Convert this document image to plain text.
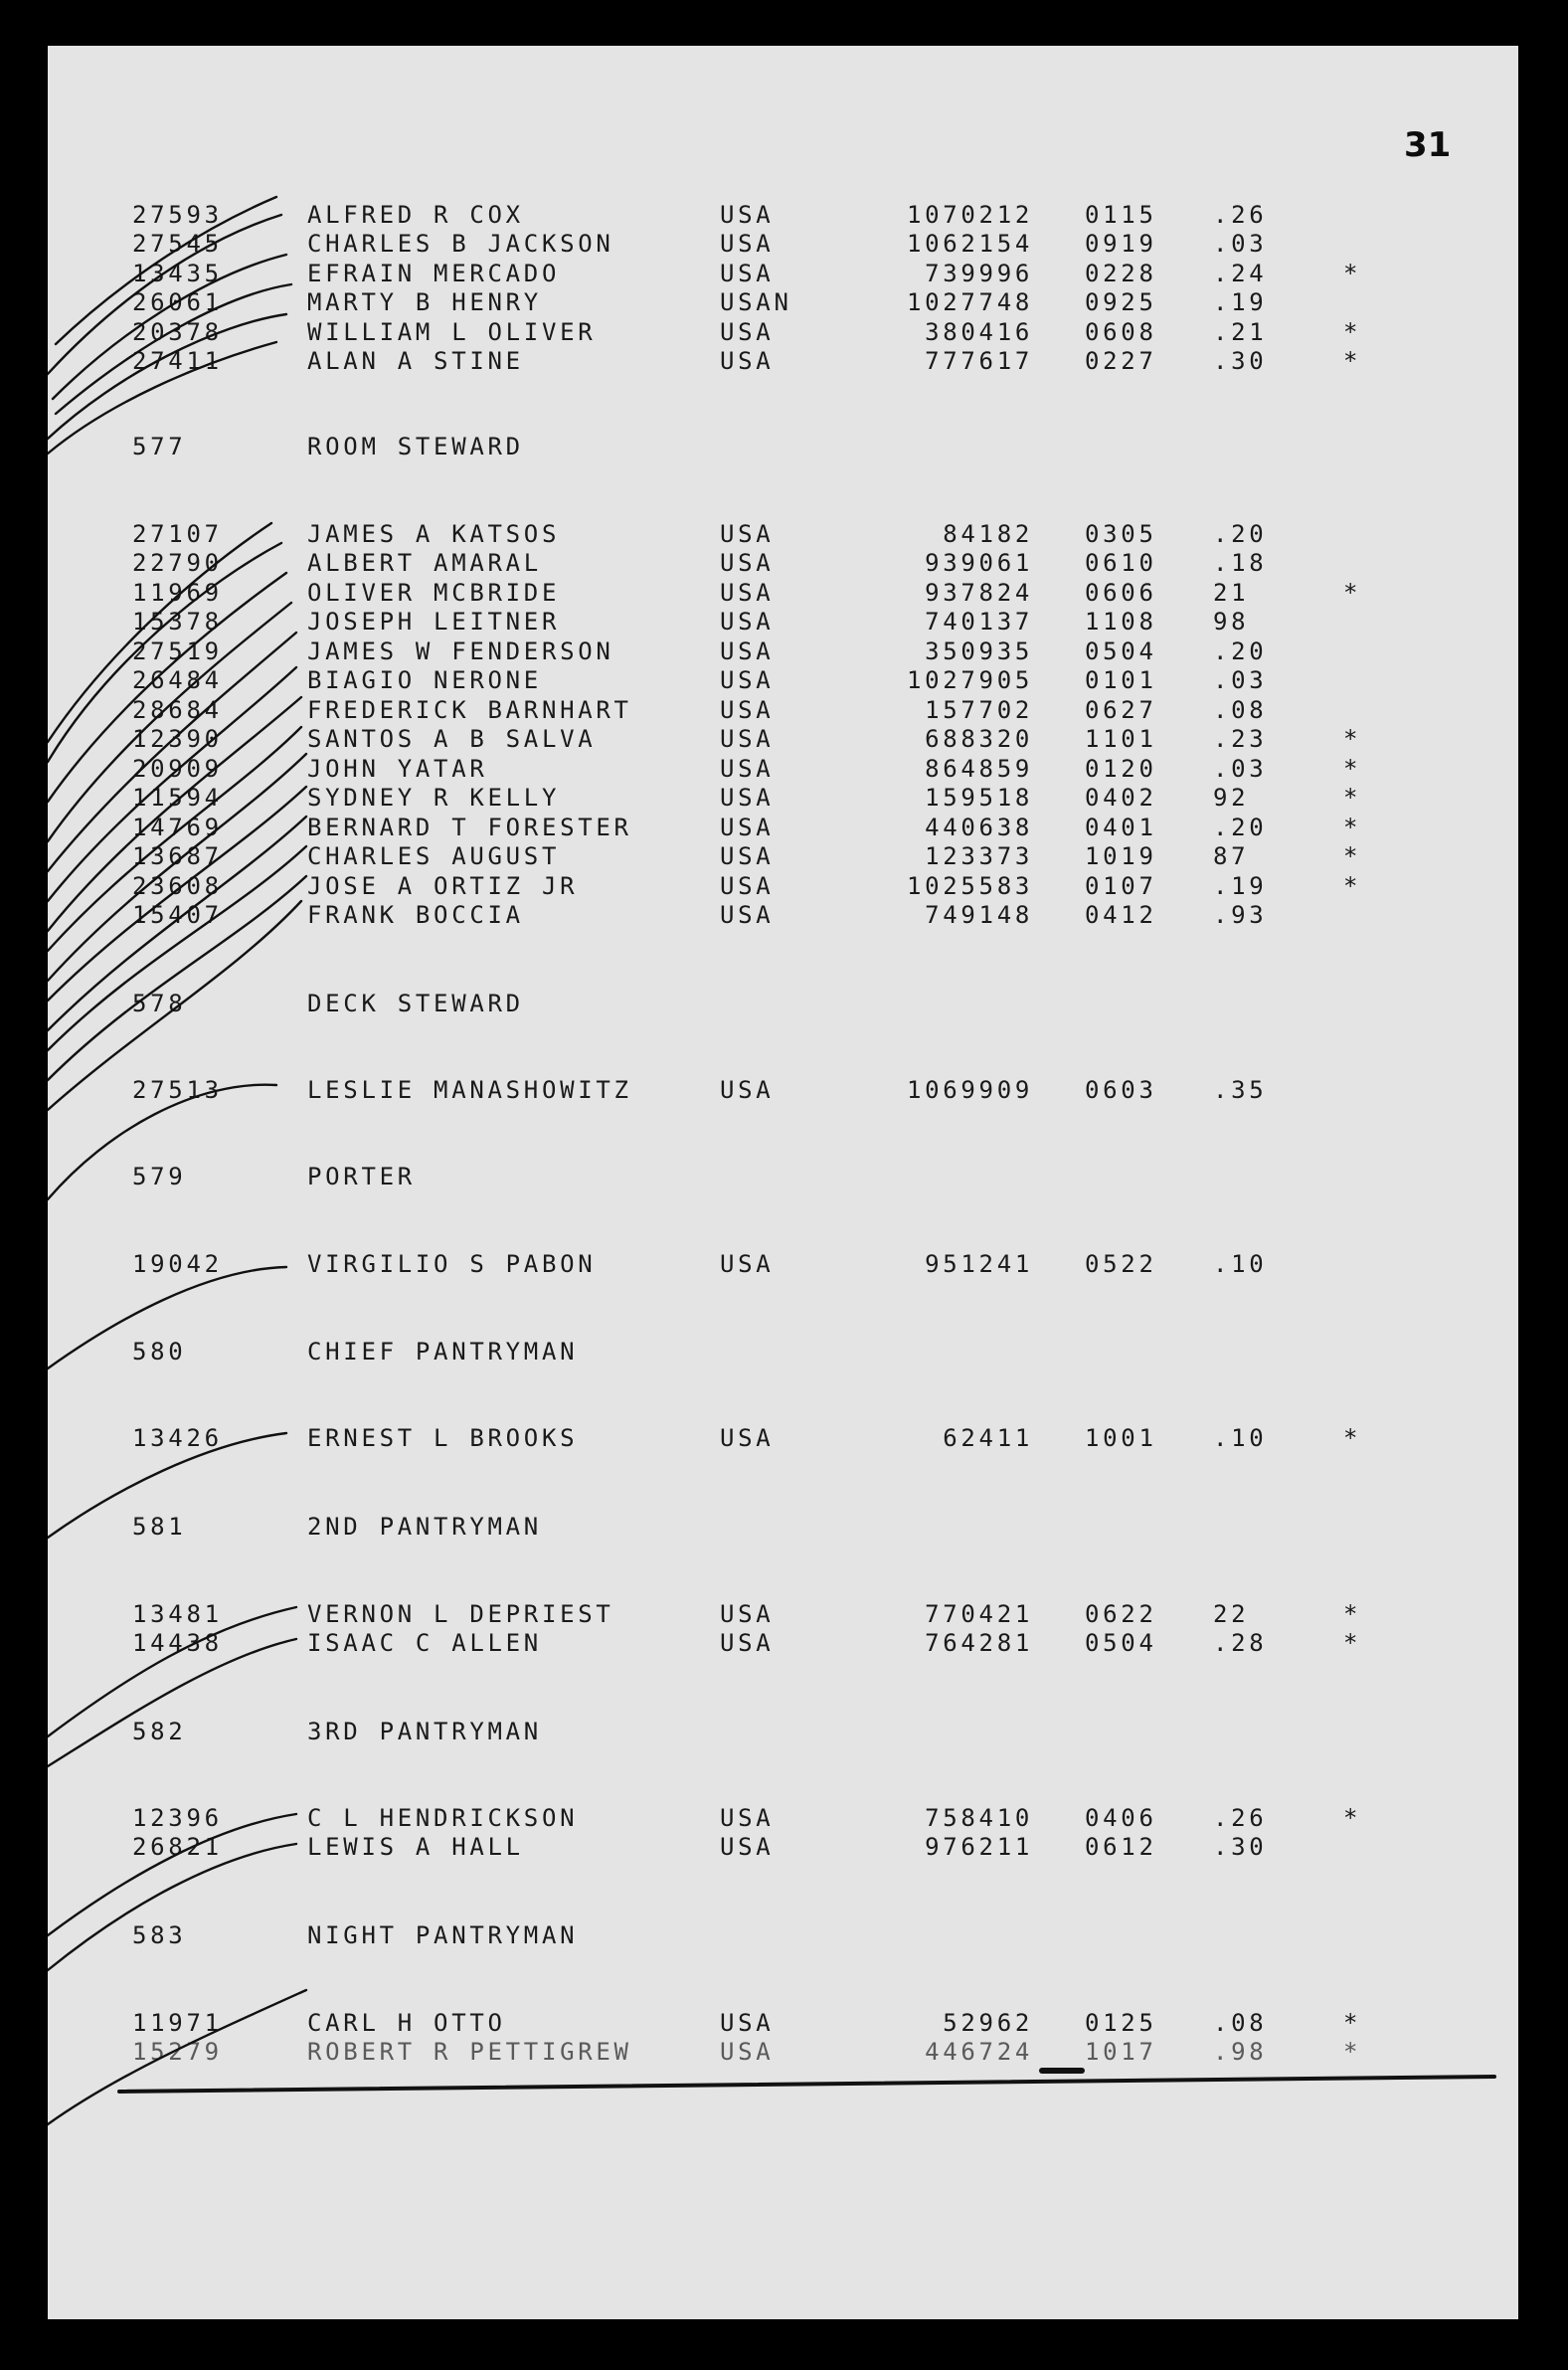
31
27593	ALFRED R COX	USA	1070212 0115 .26
27545	CHARLES B JACKSON	USA	1062154 0919 .03
13435	EFRAIN MERCADO	USA	739996 0228 .24	*
26061	MARTY B HENRY	USAN	1027748 0925 .19
20378	WILLIAM L OLIVER	USA	380416 0608 .21	*
27411	ALAN A STINE	USA	777617 0227 .30	*
577	ROOM STEWARD
27107	JAMES A KATSOS	USA	84182 0305 .20
22790	ALBERT AMARAL	USA	939061 0610 .18
11969	OLIVER MCBRIDE	USA	937824 0606 21	*
15378	JOSEPH LEITNER	USA	740137 1108 98
27519	JAMES W FENDERSON	USA	350935 0504 .20
26484	BIAGIO NERONE	USA	1027905 0101 .03
28684	FREDERICK BARNHART	USA	157702 0627 .08
12390	SANTOS A B SALVA	USA	688320 1101 .23	*
20909	JOHN YATAR	USA	864859 0120 .03	*
11594	SYDNEY R KELLY	USA	159518 0402 92	*
14769	BERNARD T FORESTER	USA	440638 0401 .20	*
13687	CHARLES AUGUST	USA	123373 1019 87	*
23608	JOSE A ORTIZ JR	USA	1025583 0107 .19	*
15407	FRANK BOCCIA	USA	749148 0412 .93
578	DECK STEWARD
27513	LESLIE MANASHOWITZ	USA	1069909 0603 .35
579	PORTER
19042	VIRGILIO S PABON	USA	951241 0522 .10
580	CHIEF PANTRYMAN
13426	ERNEST L BROOKS	USA	62411 1001 .10	*
581	2ND PANTRYMAN
13481	VERNON L DEPRIEST	USA	770421 0622 22	*
14438	ISAAC C ALLEN	USA	764281 0504 .28	*
582	3RD PANTRYMAN
12396	C L HENDRICKSON	USA	758410 0406 .26	*
26821	LEWIS A HALL	USA	976211 0612 .30
583	NIGHT PANTRYMAN
11971	CARL H OTTO	USA	52962 0125 .08	*
15279	ROBERT R PETTIGREW	USA	446724 1017 .98	*
